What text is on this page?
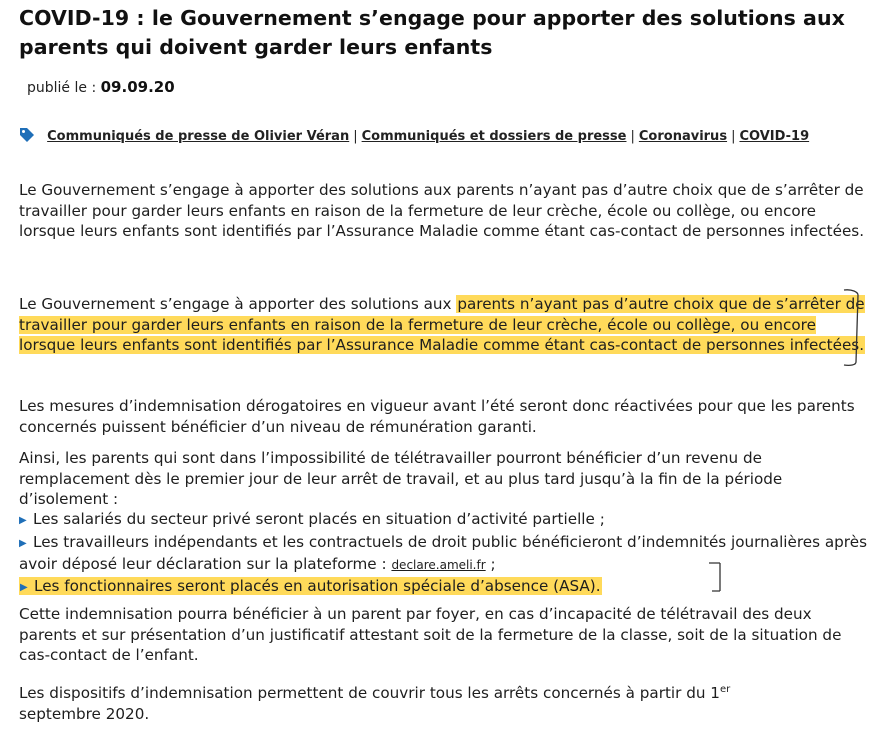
COVID-19 : le Gouvernement s’engage pour apporter des solutions aux parents qui doivent garder leurs enfants
publié le : 09.09.20
Communiqués de presse de Olivier Véran | Communiqués et dossiers de presse | Coronavirus | COVID-19

Le Gouvernement s’engage à apporter des solutions aux parents n’ayant pas d’autre choix que de s’arrêter de travailler pour garder leurs enfants en raison de la fermeture de leur crèche, école ou collège, ou encore lorsque leurs enfants sont identifiés par l’Assurance Maladie comme étant cas-contact de personnes infectées.

Le Gouvernement s’engage à apporter des solutions aux parents n’ayant pas d’autre choix que de s’arrêter de travailler pour garder leurs enfants en raison de la fermeture de leur crèche, école ou collège, ou encore lorsque leurs enfants sont identifiés par l’Assurance Maladie comme étant cas-contact de personnes infectées.

Les mesures d’indemnisation dérogatoires en vigueur avant l’été seront donc réactivées pour que les parents concernés puissent bénéficier d’un niveau de rémunération garanti.

Ainsi, les parents qui sont dans l’impossibilité de télétravailler pourront bénéficier d’un revenu de remplacement dès le premier jour de leur arrêt de travail, et au plus tard jusqu’à la fin de la période d’isolement :

▶ Les salariés du secteur privé seront placés en situation d’activité partielle ;
▶ Les travailleurs indépendants et les contractuels de droit public bénéficieront d’indemnités journalières après avoir déposé leur déclaration sur la plateforme : declare.ameli.fr ;
▶ Les fonctionnaires seront placés en autorisation spéciale d’absence (ASA).

Cette indemnisation pourra bénéficier à un parent par foyer, en cas d’incapacité de télétravail des deux parents et sur présentation d’un justificatif attestant soit de la fermeture de la classe, soit de la situation de cas-contact de l’enfant.

Les dispositifs d’indemnisation permettent de couvrir tous les arrêts concernés à partir du 1er
septembre 2020.
